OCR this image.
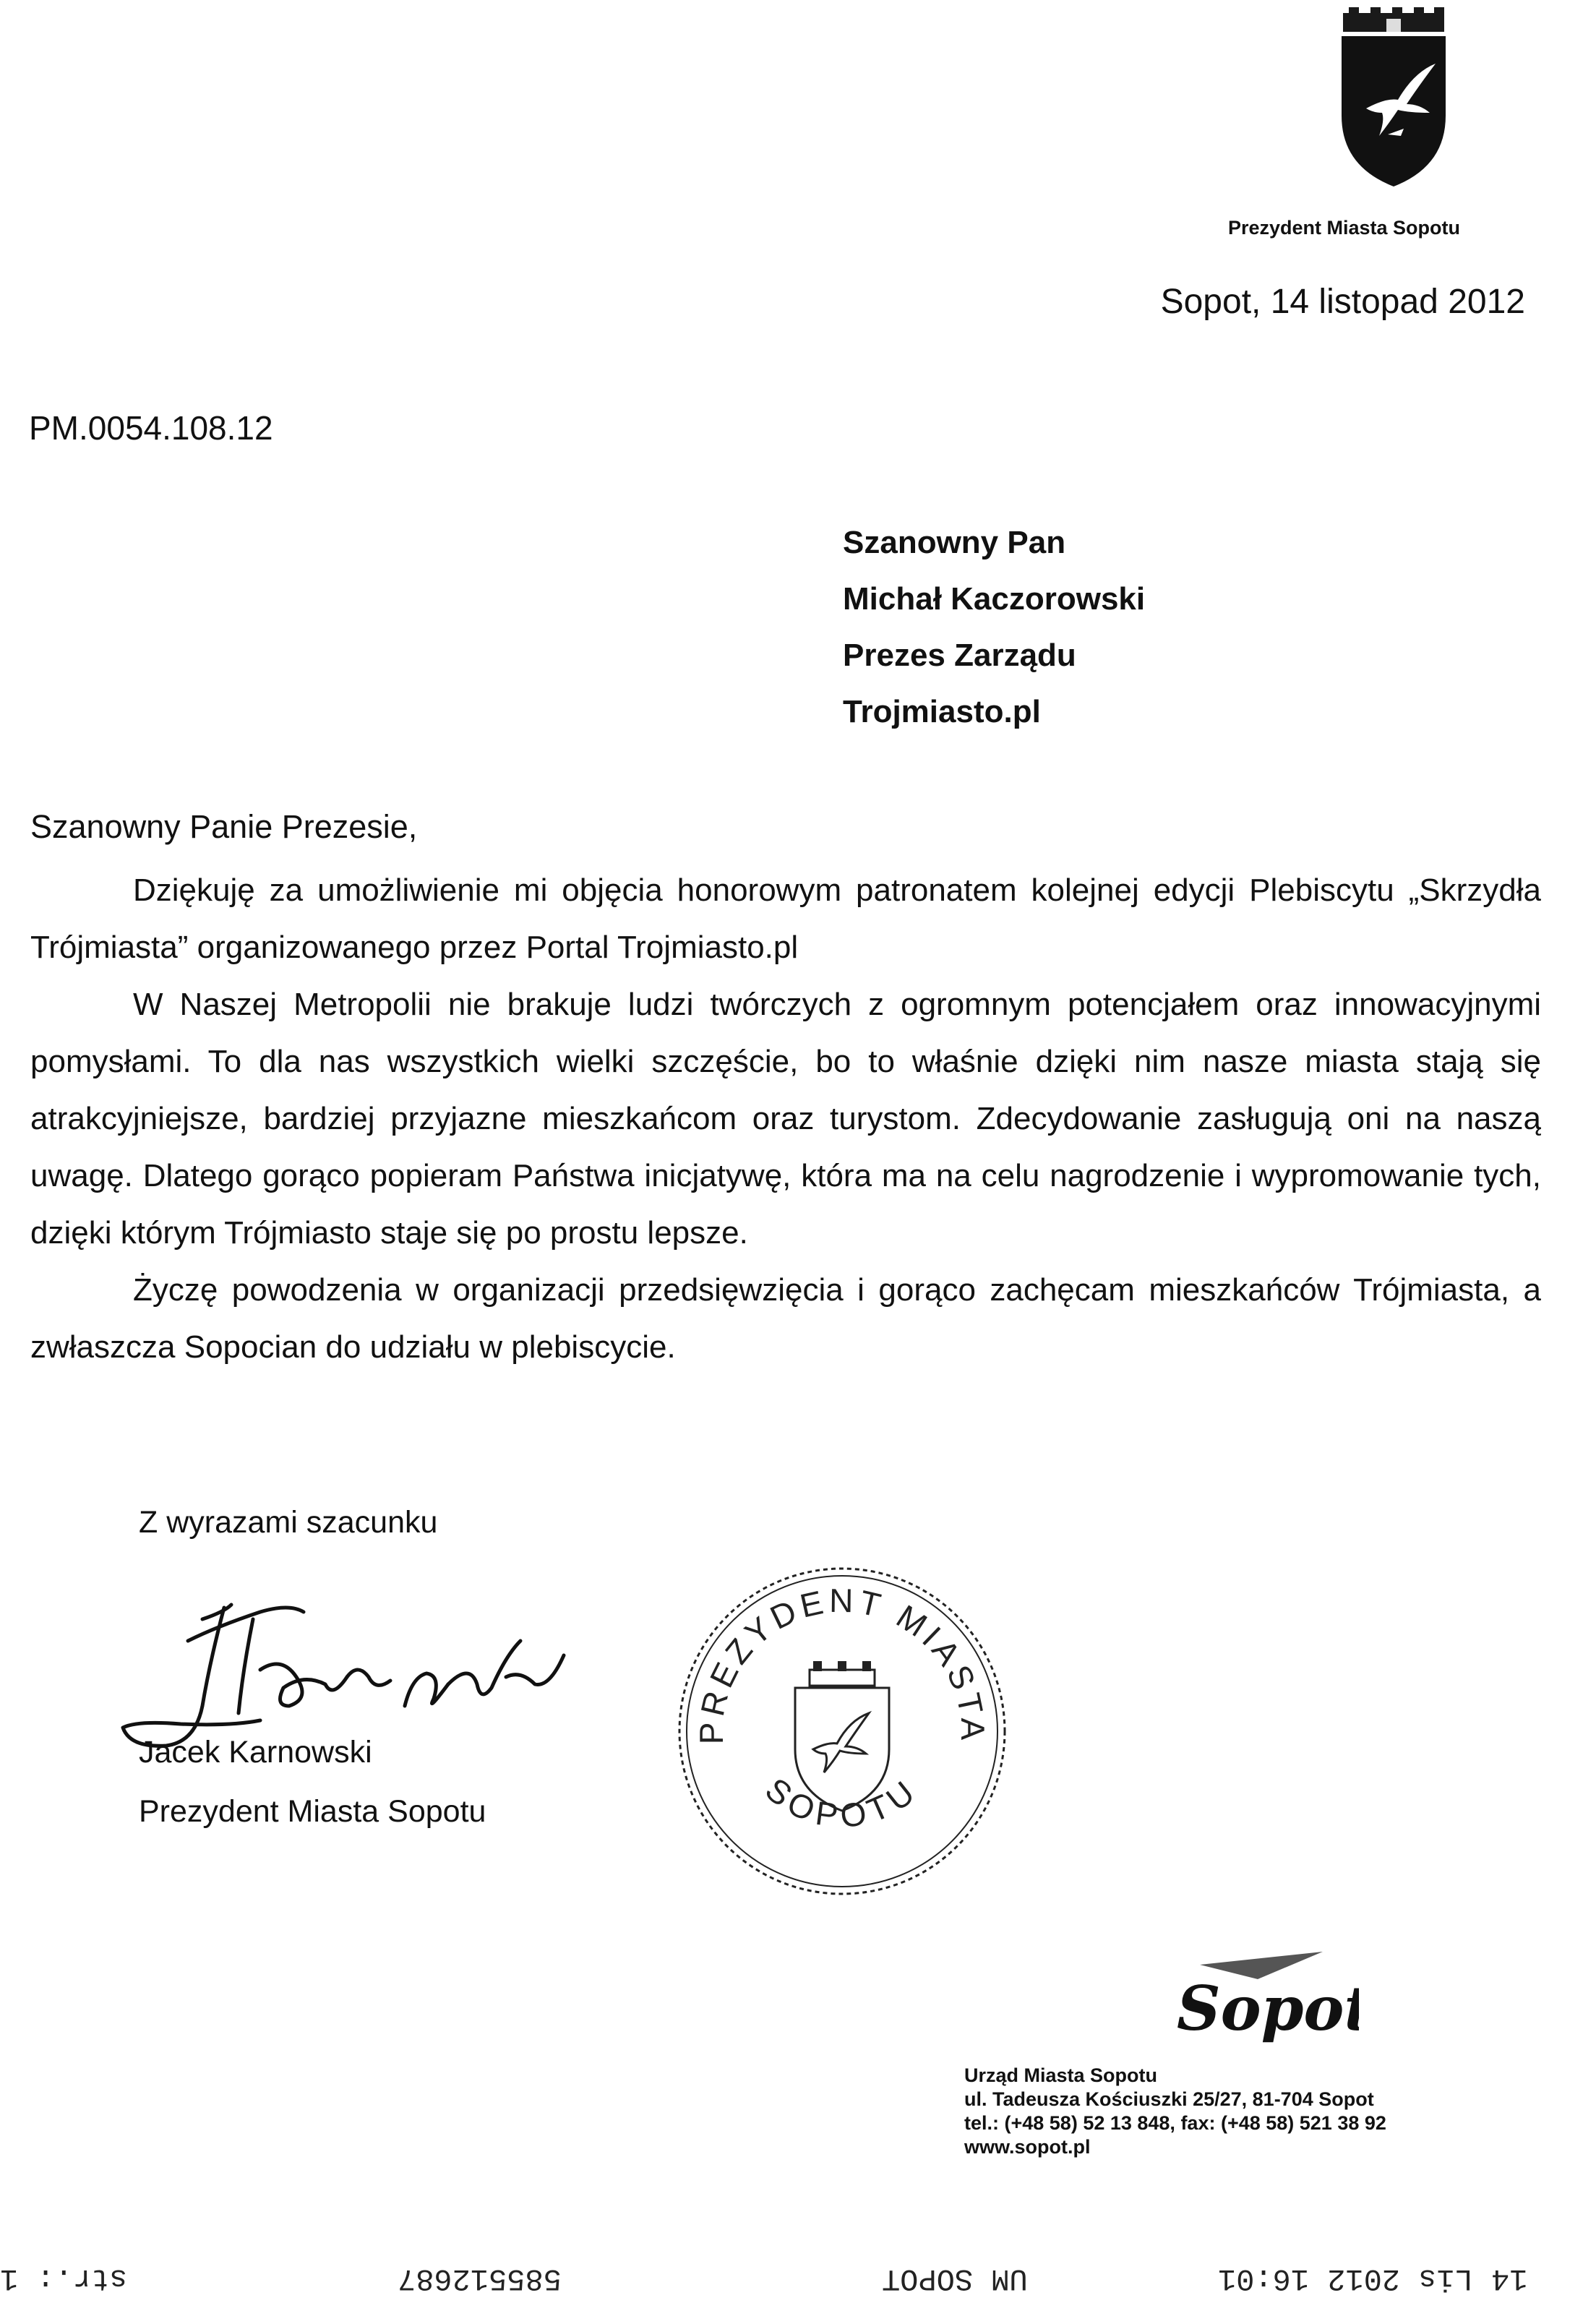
Prezydent Miasta Sopotu
Sopot, 14 listopad 2012
PM.0054.108.12
Szanowny Pan
Michał Kaczorowski
Prezes Zarządu
Trojmiasto.pl
Szanowny Panie Prezesie,

Dziękuję za umożliwienie mi objęcia honorowym patronatem kolejnej edycji Plebiscytu „Skrzydła Trójmiasta” organizowanego przez Portal Trojmiasto.pl

W Naszej Metropolii nie brakuje ludzi twórczych z ogromnym potencjałem oraz innowacyjnymi pomysłami. To dla nas wszystkich wielki szczęście, bo to właśnie dzięki nim nasze miasta stają się atrakcyjniejsze, bardziej przyjazne mieszkańcom oraz turystom. Zdecydowanie zasługują oni na naszą uwagę. Dlatego gorąco popieram Państwa inicjatywę, która ma na celu nagrodzenie i wypromowanie tych, dzięki którym Trójmiasto staje się po prostu lepsze.

Życzę powodzenia w organizacji przedsięwzięcia i gorąco zachęcam mieszkańców Trójmiasta, a zwłaszcza Sopocian do udziału w plebiscycie.

Z wyrazami szacunku
Jacek Karnowski
Prezydent Miasta Sopotu
PREZYDENT MIASTA
SOPOTU
Sopot
Urząd Miasta Sopotu
ul. Tadeusza Kościuszki 25/27, 81-704 Sopot
tel.: (+48 58) 52 13 848, fax: (+48 58) 521 38 92
www.sopot.pl
str.: 1	585512687	UM SOPOT	14 Lis 2012 16:01
